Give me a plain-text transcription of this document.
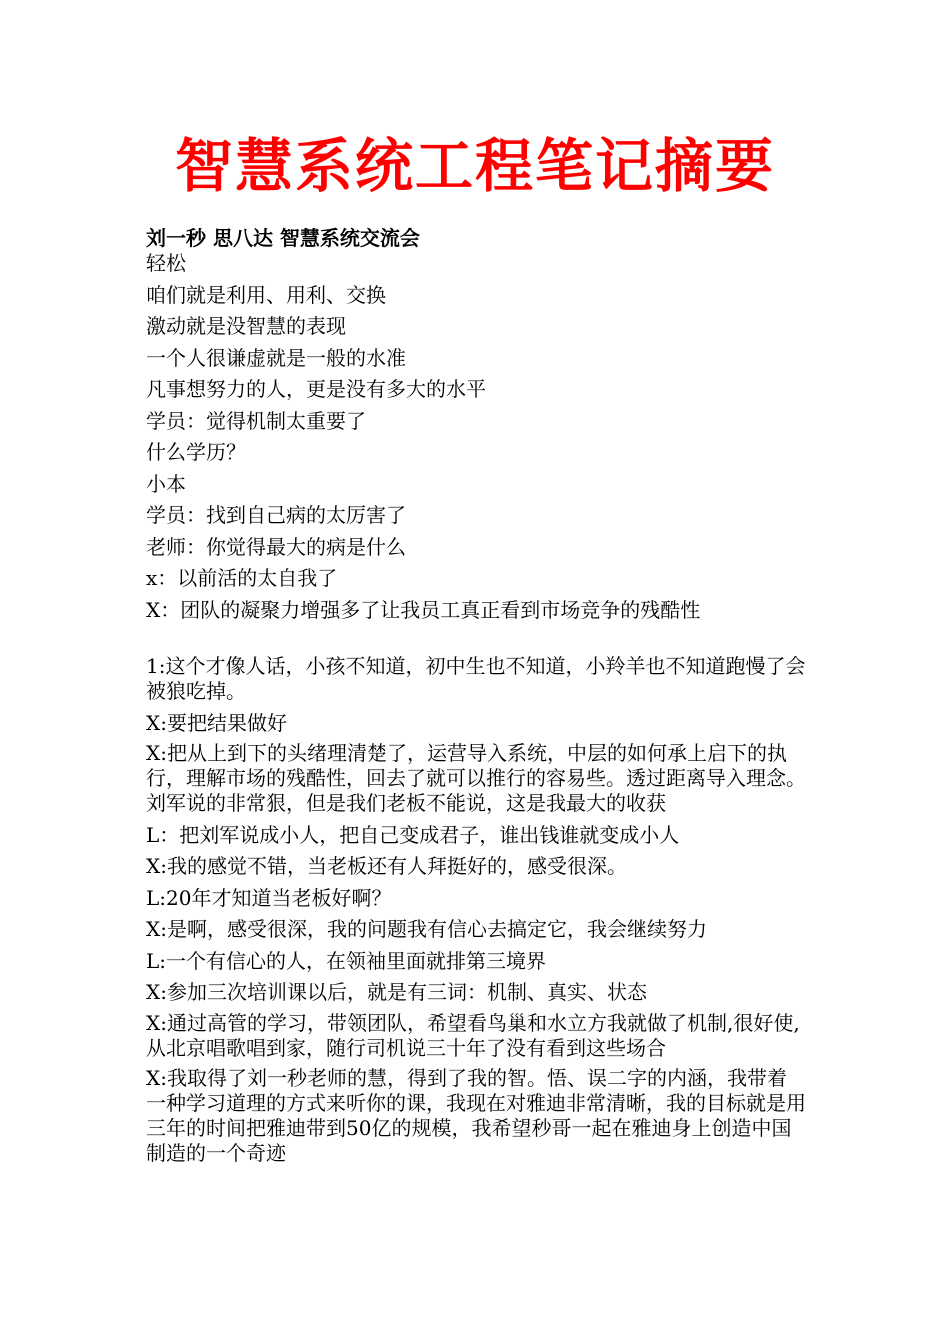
智慧系统工程笔记摘要
刘一秒 思八达 智慧系统交流会

轻松

咱们就是利用、用利、交换

激动就是没智慧的表现

一个人很谦虚就是一般的水准

凡事想努力的人，更是没有多大的水平

学员：觉得机制太重要了

什么学历？

小本

学员：找到自己病的太厉害了

老师：你觉得最大的病是什么

x：以前活的太自我了

X：团队的凝聚力增强多了让我员工真正看到市场竞争的残酷性

1:这个才像人话，小孩不知道，初中生也不知道，小羚羊也不知道跑慢了会被狼吃掉。

X:要把结果做好

X:把从上到下的头绪理清楚了，运营导入系统，中层的如何承上启下的执行，理解市场的残酷性，回去了就可以推行的容易些。透过距离导入理念。刘军说的非常狠，但是我们老板不能说，这是我最大的收获

L：把刘军说成小人，把自己变成君子，谁出钱谁就变成小人

X:我的感觉不错，当老板还有人拜挺好的，感受很深。

L:20年才知道当老板好啊？

X:是啊，感受很深，我的问题我有信心去搞定它，我会继续努力

L:一个有信心的人，在领袖里面就排第三境界

X:参加三次培训课以后，就是有三词：机制、真实、状态

X:通过高管的学习，带领团队，希望看鸟巢和水立方我就做了机制,很好使,从北京唱歌唱到家，随行司机说三十年了没有看到这些场合

X:我取得了刘一秒老师的慧，得到了我的智。悟、误二字的内涵，我带着一种学习道理的方式来听你的课，我现在对雅迪非常清晰，我的目标就是用三年的时间把雅迪带到50亿的规模，我希望秒哥一起在雅迪身上创造中国制造的一个奇迹
